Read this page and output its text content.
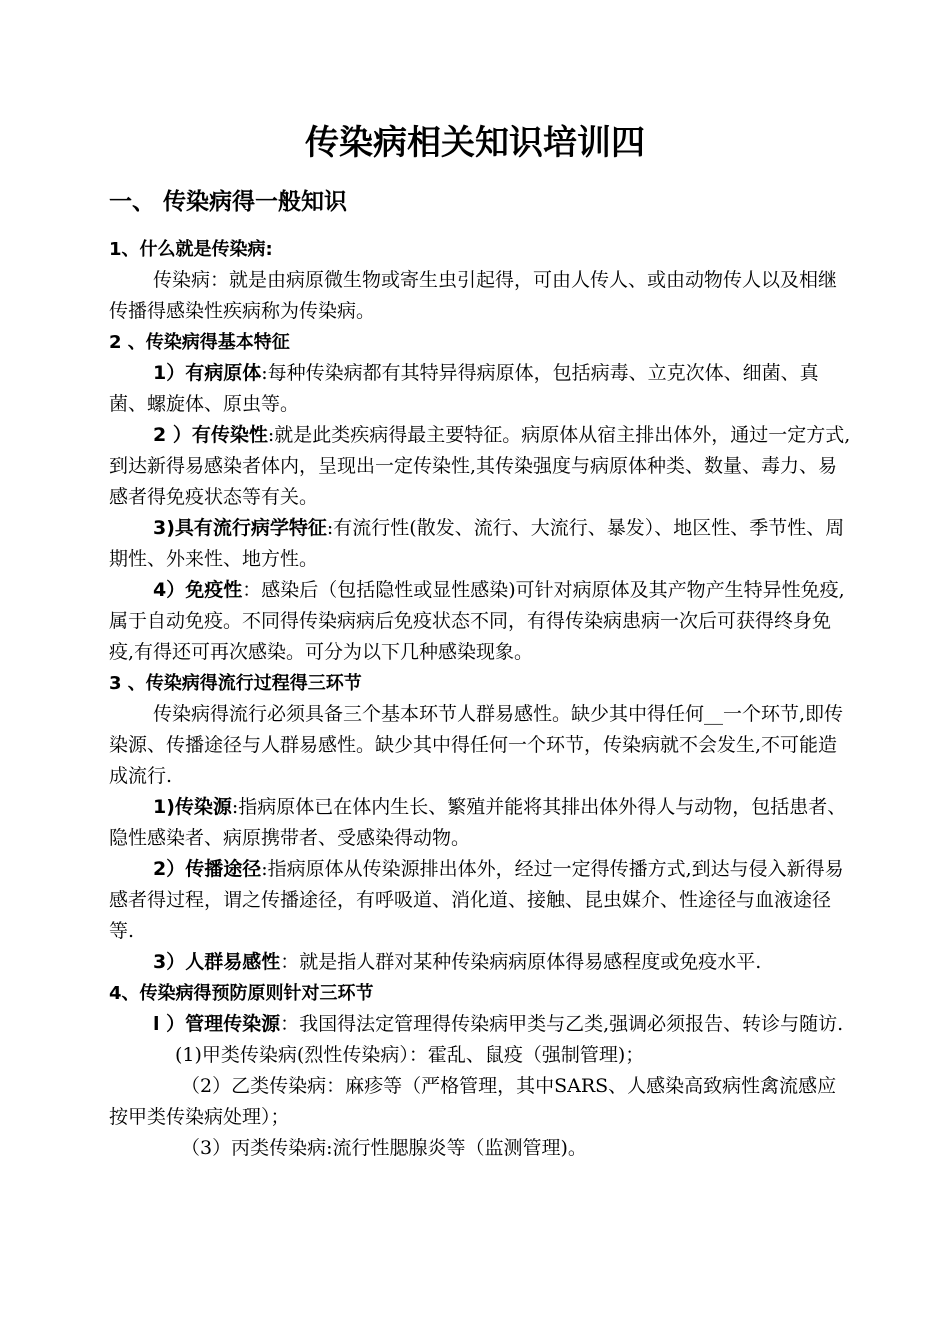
传染病相关知识培训四
一、 传染病得一般知识

1、什么就是传染病:

传染病：就是由病原微生物或寄生虫引起得，可由人传人、或由动物传人以及相继传播得感染性疾病称为传染病。

2 、传染病得基本特征

1）有病原体:每种传染病都有其特异得病原体，包括病毒、立克次体、细菌、真菌、螺旋体、原虫等。

2 ）有传染性:就是此类疾病得最主要特征。病原体从宿主排出体外，通过一定方式,到达新得易感染者体内，呈现出一定传染性,其传染强度与病原体种类、数量、毒力、易感者得免疫状态等有关。

3)具有流行病学特征:有流行性(散发、流行、大流行、暴发）、地区性、季节性、周期性、外来性、地方性。

4）免疫性：感染后（包括隐性或显性感染)可针对病原体及其产物产生特异性免疫,属于自动免疫。不同得传染病病后免疫状态不同，有得传染病患病一次后可获得终身免疫,有得还可再次感染。可分为以下几种感染现象。

3 、传染病得流行过程得三环节

传染病得流行必须具备三个基本环节人群易感性。缺少其中得任何__一个环节,即传染源、传播途径与人群易感性。缺少其中得任何一个环节，传染病就不会发生,不可能造成流行.

1)传染源:指病原体已在体内生长、繁殖并能将其排出体外得人与动物，包括患者、隐性感染者、病原携带者、受感染得动物。

2）传播途径:指病原体从传染源排出体外，经过一定得传播方式,到达与侵入新得易感者得过程，谓之传播途径，有呼吸道、消化道、接触、昆虫媒介、性途径与血液途径等.

3）人群易感性：就是指人群对某种传染病病原体得易感程度或免疫水平.

4、传染病得预防原则针对三环节

l ）管理传染源：我国得法定管理得传染病甲类与乙类,强调必须报告、转诊与随访.

(1)甲类传染病(烈性传染病）：霍乱、鼠疫（强制管理)；

（2）乙类传染病：麻疹等（严格管理，其中SARS、人感染高致病性禽流感应按甲类传染病处理）；

（3）丙类传染病:流行性腮腺炎等（监测管理)。
